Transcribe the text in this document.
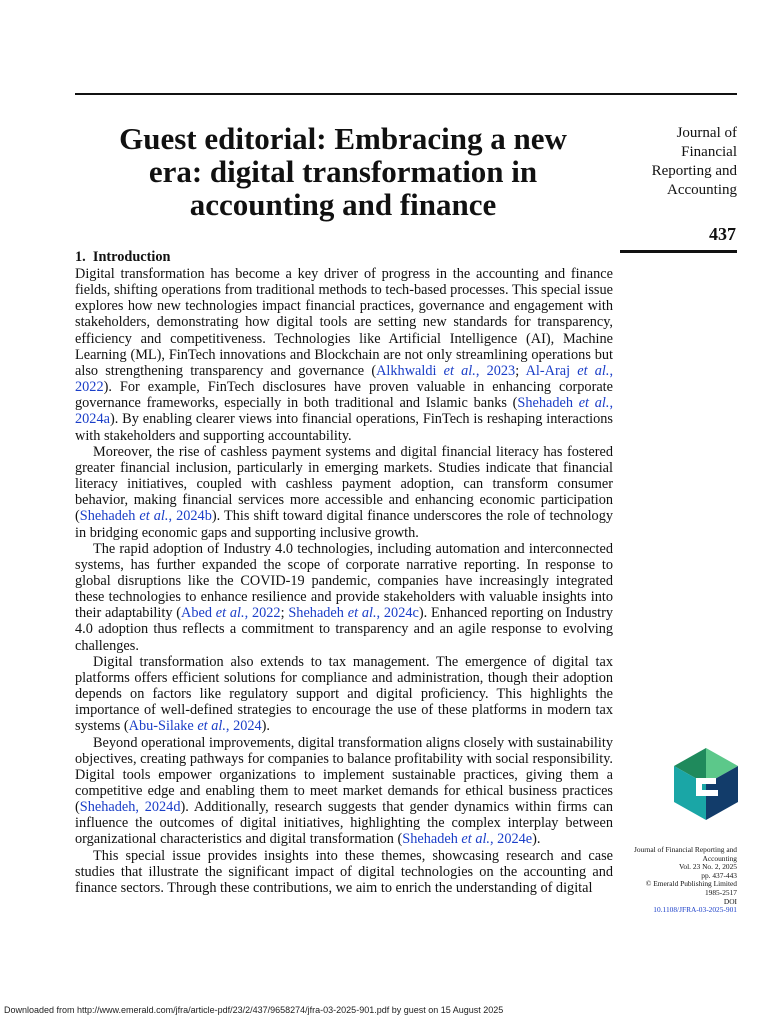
Guest editorial: Embracing a new era: digital transformation in accounting and finance
Journal of
Financial
Reporting and
Accounting
437
1. Introduction

Digital transformation has become a key driver of progress in the accounting and finance fields, shifting operations from traditional methods to tech-based processes. This special issue explores how new technologies impact financial practices, governance and engagement with stakeholders, demonstrating how digital tools are setting new standards for transparency, efficiency and competitiveness. Technologies like Artificial Intelligence (AI), Machine Learning (ML), FinTech innovations and Blockchain are not only streamlining operations but also strengthening transparency and governance (Alkhwaldi et al., 2023; Al-Araj et al., 2022). For example, FinTech disclosures have proven valuable in enhancing corporate governance frameworks, especially in both traditional and Islamic banks (Shehadeh et al., 2024a). By enabling clearer views into financial operations, FinTech is reshaping interactions with stakeholders and supporting accountability.

Moreover, the rise of cashless payment systems and digital financial literacy has fostered greater financial inclusion, particularly in emerging markets. Studies indicate that financial literacy initiatives, coupled with cashless payment adoption, can transform consumer behavior, making financial services more accessible and enhancing economic participation (Shehadeh et al., 2024b). This shift toward digital finance underscores the role of technology in bridging economic gaps and supporting inclusive growth.

The rapid adoption of Industry 4.0 technologies, including automation and interconnected systems, has further expanded the scope of corporate narrative reporting. In response to global disruptions like the COVID-19 pandemic, companies have increasingly integrated these technologies to enhance resilience and provide stakeholders with valuable insights into their adaptability (Abed et al., 2022; Shehadeh et al., 2024c). Enhanced reporting on Industry 4.0 adoption thus reflects a commitment to transparency and an agile response to evolving challenges.

Digital transformation also extends to tax management. The emergence of digital tax platforms offers efficient solutions for compliance and administration, though their adoption depends on factors like regulatory support and digital proficiency. This highlights the importance of well-defined strategies to encourage the use of these platforms in modern tax systems (Abu-Silake et al., 2024).

Beyond operational improvements, digital transformation aligns closely with sustainability objectives, creating pathways for companies to balance profitability with social responsibility. Digital tools empower organizations to implement sustainable practices, giving them a competitive edge and enabling them to meet market demands for ethical business practices (Shehadeh, 2024d). Additionally, research suggests that gender dynamics within firms can influence the outcomes of digital initiatives, highlighting the complex interplay between organizational characteristics and digital transformation (Shehadeh et al., 2024e).

This special issue provides insights into these themes, showcasing research and case studies that illustrate the significant impact of digital technologies on the accounting and finance sectors. Through these contributions, we aim to enrich the understanding of digital

Journal of Financial Reporting and
Accounting
Vol. 23 No. 2, 2025
pp. 437-443
© Emerald Publishing Limited
1985-2517
DOI
10.1108/JFRA-03-2025-901
Downloaded from http://www.emerald.com/jfra/article-pdf/23/2/437/9658274/jfra-03-2025-901.pdf by guest on 15 August 2025
